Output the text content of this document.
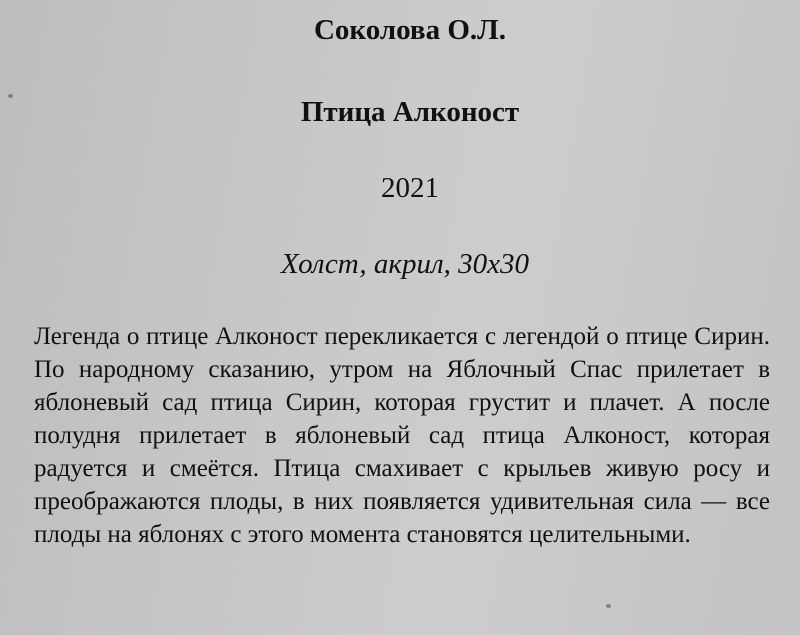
Соколова О.Л.
Птица Алконост
2021
Холст, акрил, 30x30

Легенда о птице Алконост перекликается с легендой о птице Сирин. По народному сказанию, утром на Яблочный Спас прилетает в яблоневый сад птица Сирин, которая грустит и плачет. А после полудня прилетает в яблоневый сад птица Алконост, которая радуется и смеётся. Птица смахивает с крыльев живую росу и преображаются плоды, в них появляется удивительная сила — все плоды на яблонях с этого момента становятся целительными.
